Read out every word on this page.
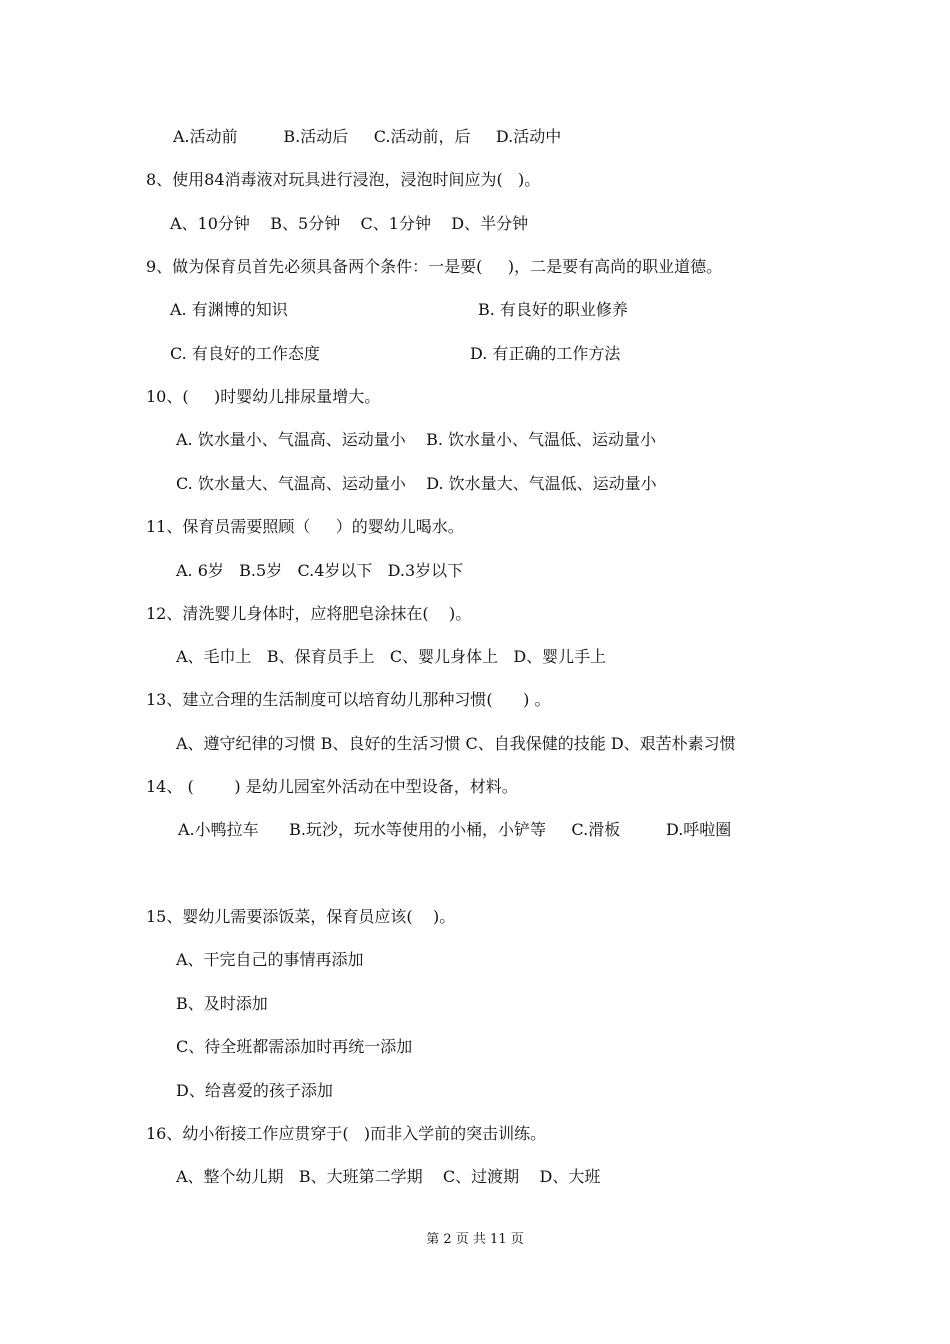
A.活动前         B.活动后     C.活动前，后     D.活动中
8、使用84消毒液对玩具进行浸泡，浸泡时间应为(   )。
A、10分钟    B、5分钟    C、1分钟    D、半分钟
9、做为保育员首先必须具备两个条件：一是要(     )，二是要有高尚的职业道德。
A. 有渊博的知识	B. 有良好的职业修养
C. 有良好的工作态度	D. 有正确的工作方法
10、(     )时婴幼儿排尿量增大。
A. 饮水量小、气温高、运动量小    B. 饮水量小、气温低、运动量小
C. 饮水量大、气温高、运动量小    D. 饮水量大、气温低、运动量小
11、保育员需要照顾（     ）的婴幼儿喝水。
A. 6岁   B.5岁   C.4岁以下   D.3岁以下
12、清洗婴儿身体时，应将肥皂涂抹在(    )。
A、毛巾上   B、保育员手上   C、婴儿身体上   D、婴儿手上
13、建立合理的生活制度可以培育幼儿那种习惯(      ) 。
A、遵守纪律的习惯 B、良好的生活习惯 C、自我保健的技能 D、艰苦朴素习惯
14、 (        ) 是幼儿园室外活动在中型设备，材料。
A.小鸭拉车      B.玩沙，玩水等使用的小桶，小铲等     C.滑板         D.呼啦圈
15、婴幼儿需要添饭菜，保育员应该(    )。
A、干完自己的事情再添加
B、及时添加
C、待全班都需添加时再统一添加
D、给喜爱的孩子添加
16、幼小衔接工作应贯穿于(   )而非入学前的突击训练。
A、整个幼儿期   B、大班第二学期    C、过渡期    D、大班
第 2 页 共 11 页
